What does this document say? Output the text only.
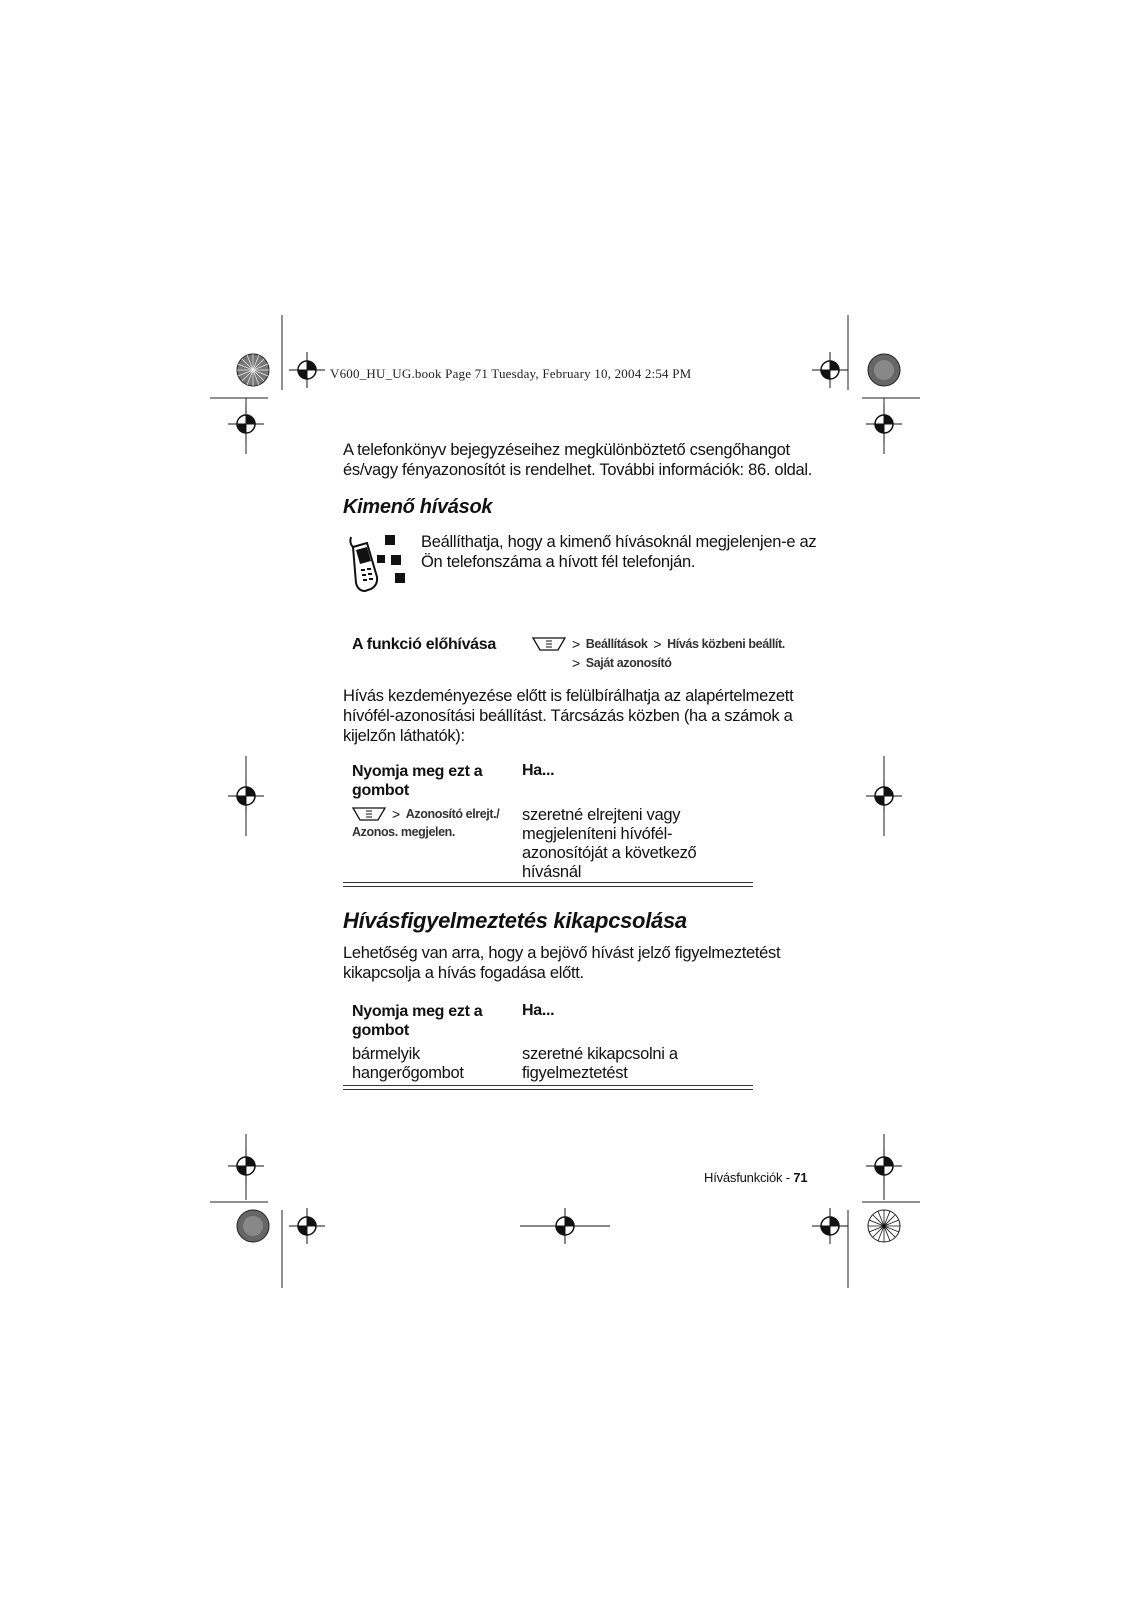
V600_HU_UG.book Page 71 Tuesday, February 10, 2004 2:54 PM
A telefonkönyv bejegyzéseihez megkülönböztető csengőhangot
és/vagy fényazonosítót is rendelhet. További információk: 86. oldal.
Kimenő hívások
Beállíthatja, hogy a kimenő hívásoknál megjelenjen-e az
Ön telefonszáma a hívott fél telefonján.
A funkció előhívása	> Beállítások > Hívás közbeni beállít.
> Saját azonosító
Hívás kezdeményezése előtt is felülbírálhatja az alapértelmezett
hívófél-azonosítási beállítást. Tárcsázás közben (ha a számok a
kijelzőn láthatók):
Nyomja meg ezt a
gombot
Ha...
> Azonosító elrejt./
Azonos. megjelen.
szeretné elrejteni vagy
megjeleníteni hívófél-
azonosítóját a következő
hívásnál
Hívásfigyelmeztetés kikapcsolása
Lehetőség van arra, hogy a bejövő hívást jelző figyelmeztetést
kikapcsolja a hívás fogadása előtt.
Nyomja meg ezt a
gombot
Ha...
bármelyik
hangerőgombot
szeretné kikapcsolni a
figyelmeztetést
Hívásfunkciók - 71
